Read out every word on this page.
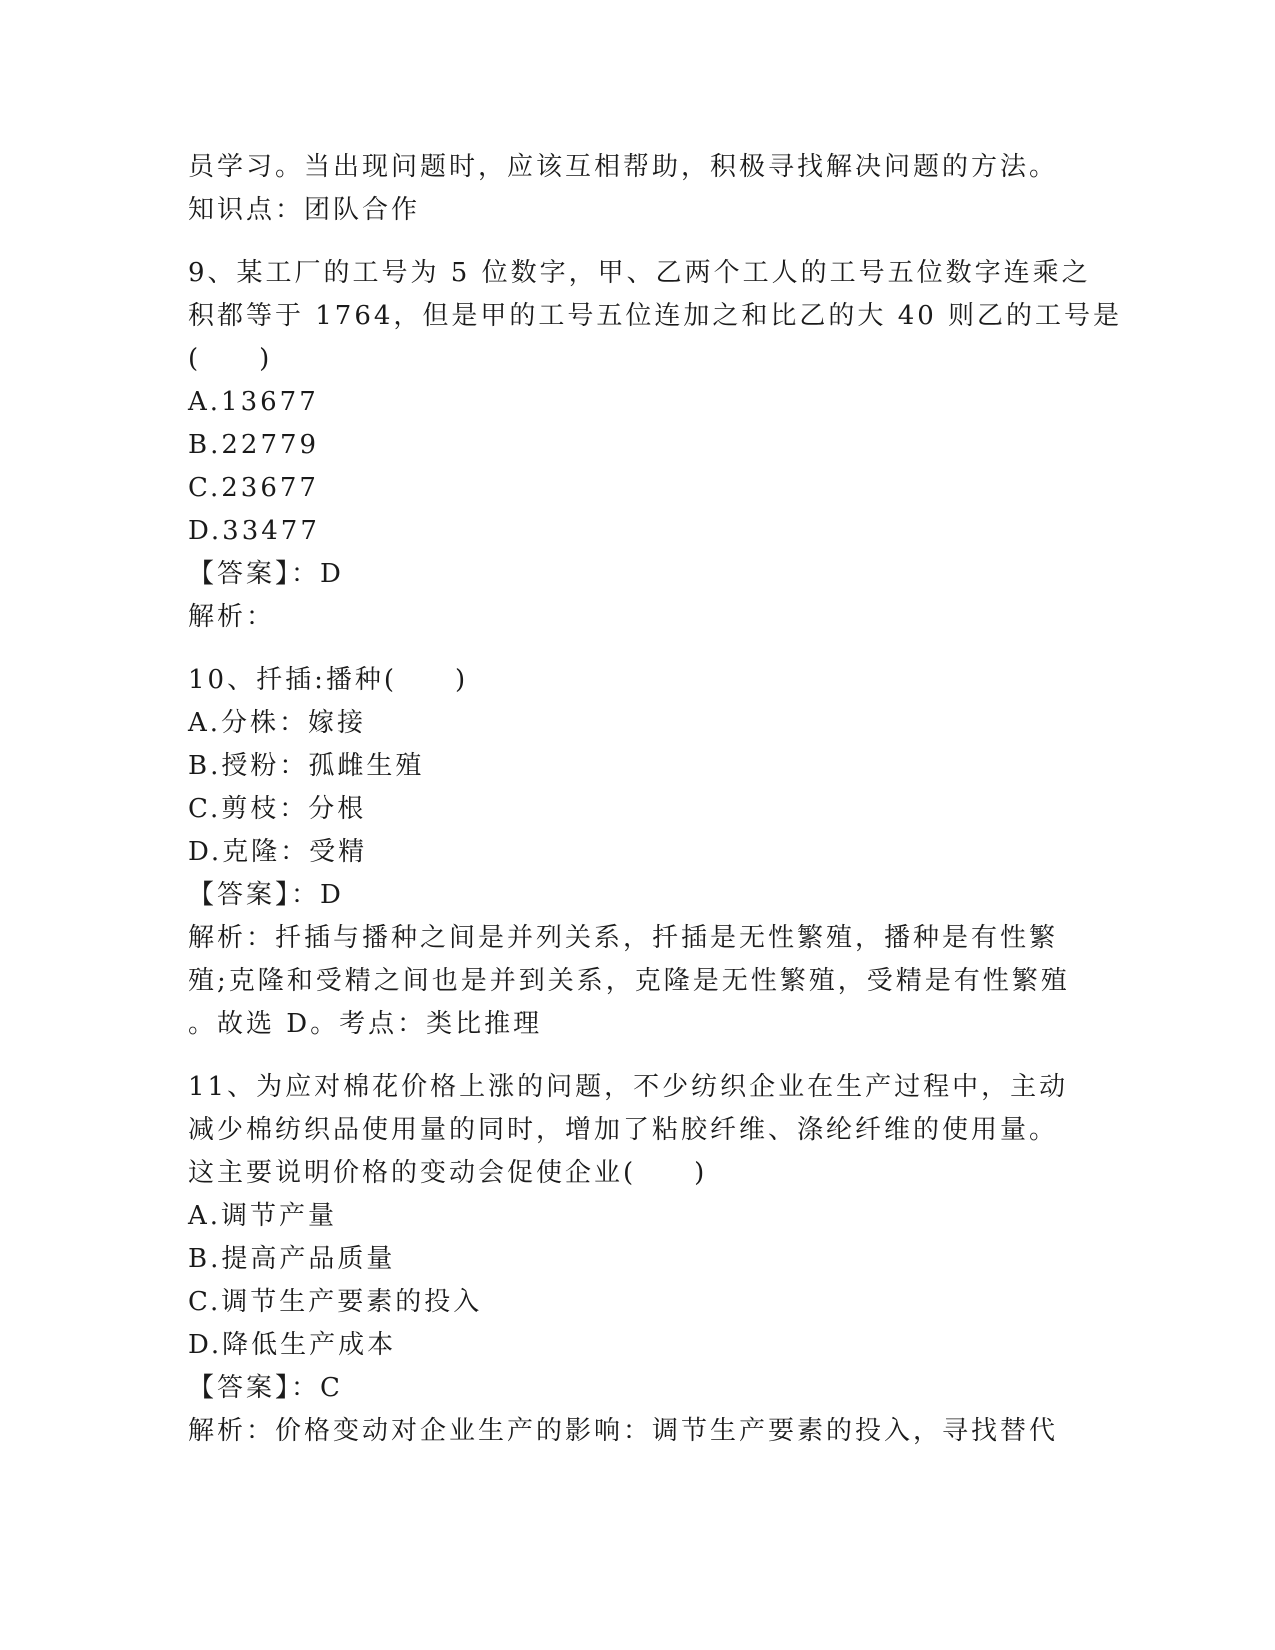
员学习。当出现问题时，应该互相帮助，积极寻找解决问题的方法。
知识点：团队合作
9、某工厂的工号为 5 位数字，甲、乙两个工人的工号五位数字连乘之
积都等于 1764，但是甲的工号五位连加之和比乙的大 40 则乙的工号是
(　　)
A.13677
B.22779
C.23677
D.33477
【答案】：D
解析：
10、扦插:播种(　　)
A.分株：嫁接
B.授粉：孤雌生殖
C.剪枝：分根
D.克隆：受精
【答案】：D
解析：扦插与播种之间是并列关系，扦插是无性繁殖，播种是有性繁
殖;克隆和受精之间也是并到关系，克隆是无性繁殖，受精是有性繁殖
。故选 D。考点：类比推理
11、为应对棉花价格上涨的问题，不少纺织企业在生产过程中，主动
减少棉纺织品使用量的同时，增加了粘胶纤维、涤纶纤维的使用量。
这主要说明价格的变动会促使企业(　　)
A.调节产量
B.提高产品质量
C.调节生产要素的投入
D.降低生产成本
【答案】：C
解析：价格变动对企业生产的影响：调节生产要素的投入，寻找替代
